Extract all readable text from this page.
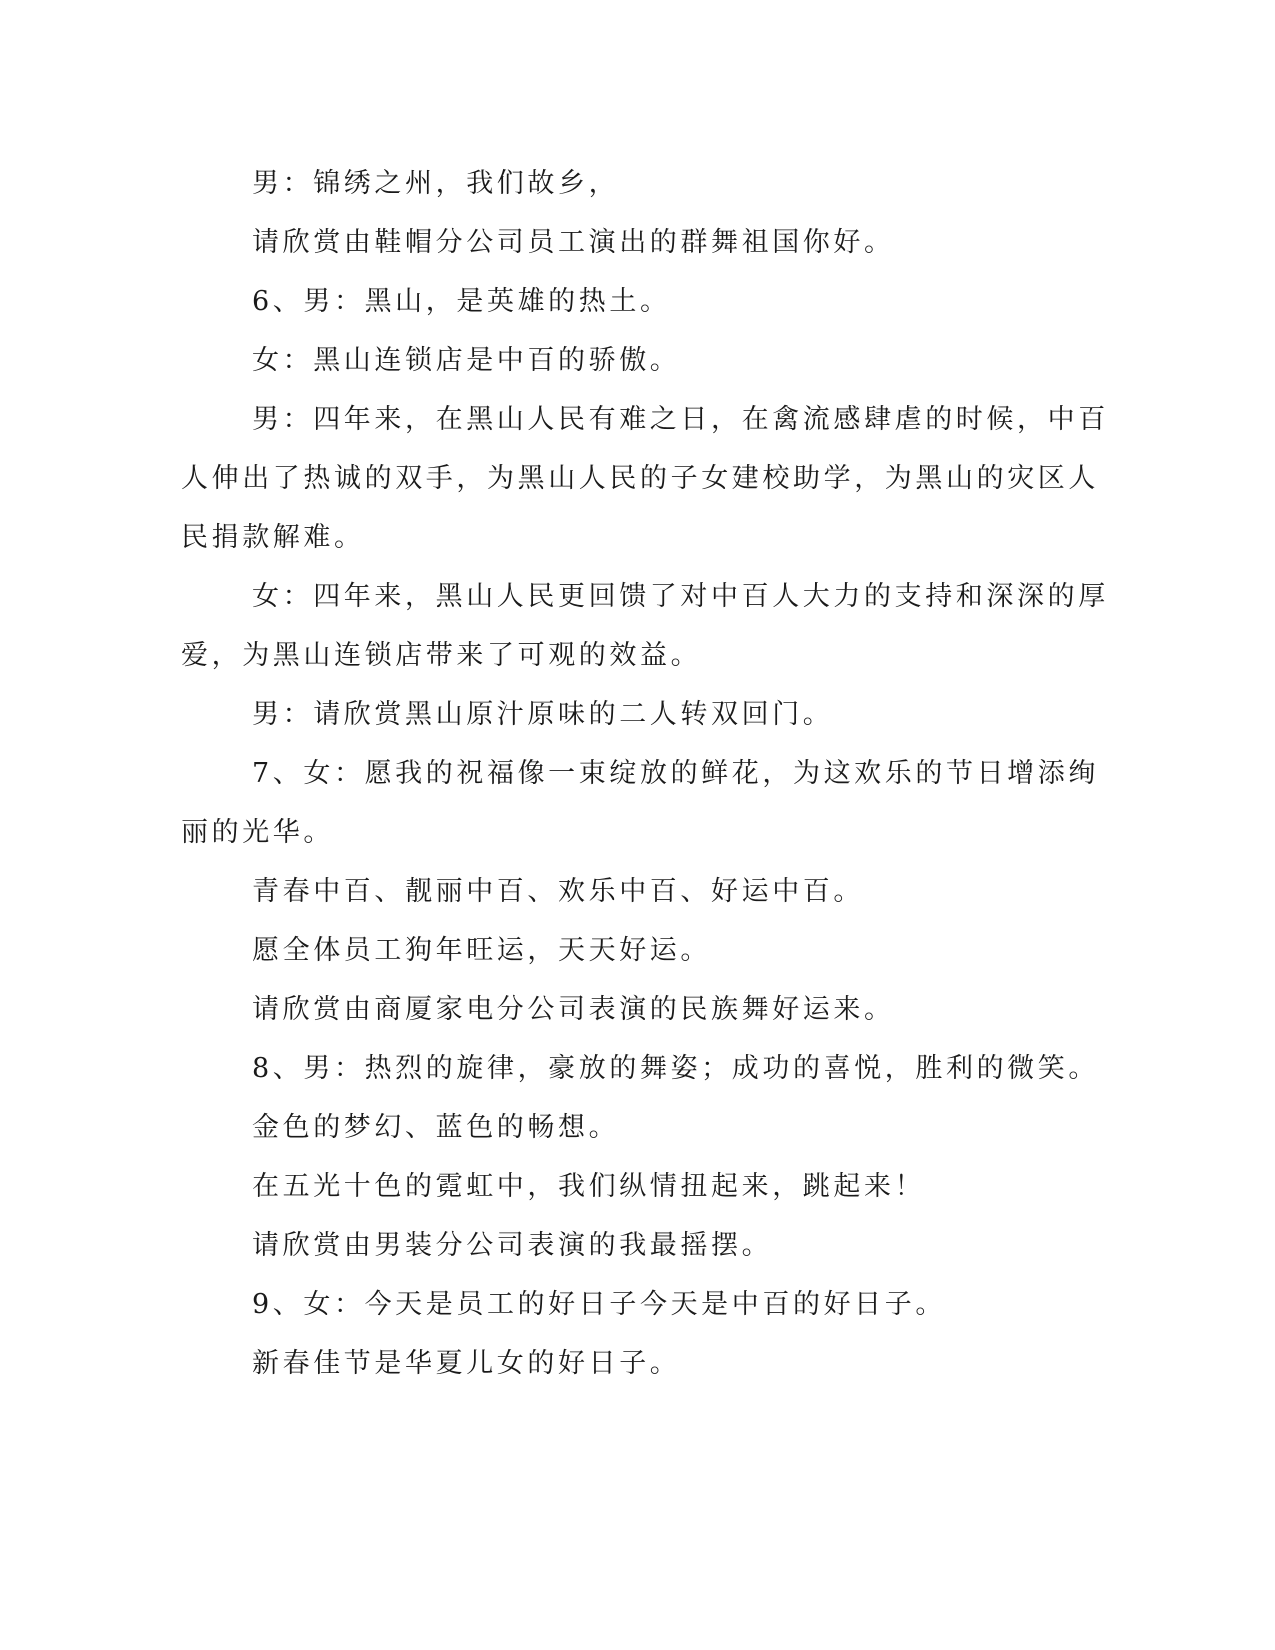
男：锦绣之州，我们故乡，

请欣赏由鞋帽分公司员工演出的群舞祖国你好。

6、男：黑山，是英雄的热土。

女：黑山连锁店是中百的骄傲。

男：四年来，在黑山人民有难之日，在禽流感肆虐的时候，中百

人伸出了热诚的双手，为黑山人民的子女建校助学，为黑山的灾区人

民捐款解难。

女：四年来，黑山人民更回馈了对中百人大力的支持和深深的厚

爱，为黑山连锁店带来了可观的效益。

男：请欣赏黑山原汁原味的二人转双回门。

7、女：愿我的祝福像一束绽放的鲜花，为这欢乐的节日增添绚

丽的光华。

青春中百、靓丽中百、欢乐中百、好运中百。

愿全体员工狗年旺运，天天好运。

请欣赏由商厦家电分公司表演的民族舞好运来。

8、男：热烈的旋律，豪放的舞姿；成功的喜悦，胜利的微笑。

金色的梦幻、蓝色的畅想。

在五光十色的霓虹中，我们纵情扭起来，跳起来！

请欣赏由男装分公司表演的我最摇摆。

9、女：今天是员工的好日子今天是中百的好日子。

新春佳节是华夏儿女的好日子。
